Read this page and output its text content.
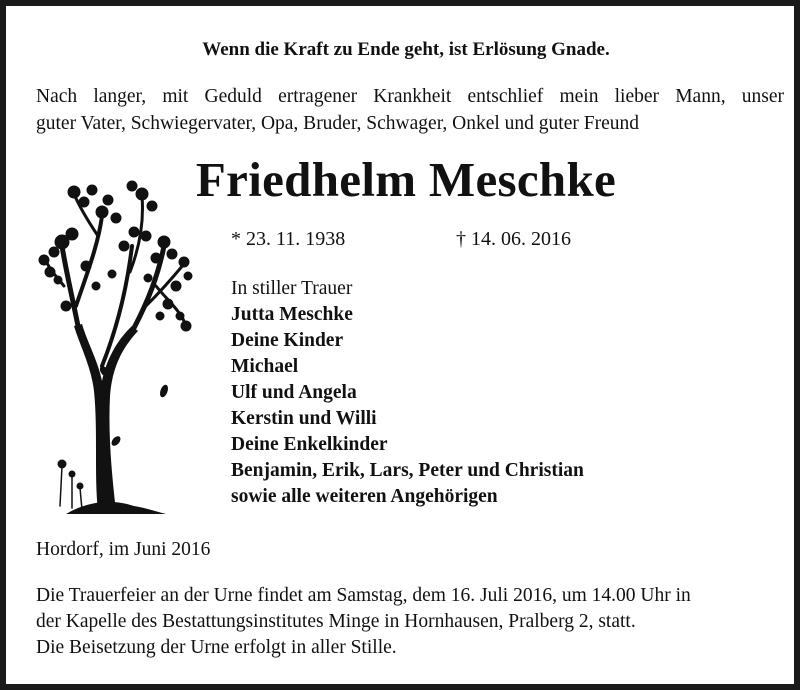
Wenn die Kraft zu Ende geht, ist Erlösung Gnade.
Nach langer, mit Geduld ertragener Krankheit entschlief mein lieber Mann, unser
guter Vater, Schwiegervater, Opa, Bruder, Schwager, Onkel und guter Freund
Friedhelm Meschke
* 23. 11. 1938	† 14. 06. 2016
In stiller Trauer
Jutta Meschke
Deine Kinder
Michael
Ulf und Angela
Kerstin und Willi
Deine Enkelkinder
Benjamin, Erik, Lars, Peter und Christian
sowie alle weiteren Angehörigen
Hordorf, im Juni 2016
Die Trauerfeier an der Urne findet am Samstag, dem 16. Juli 2016, um 14.00 Uhr in
der Kapelle des Bestattungsinstitutes Minge in Hornhausen, Pralberg 2, statt.
Die Beisetzung der Urne erfolgt in aller Stille.
